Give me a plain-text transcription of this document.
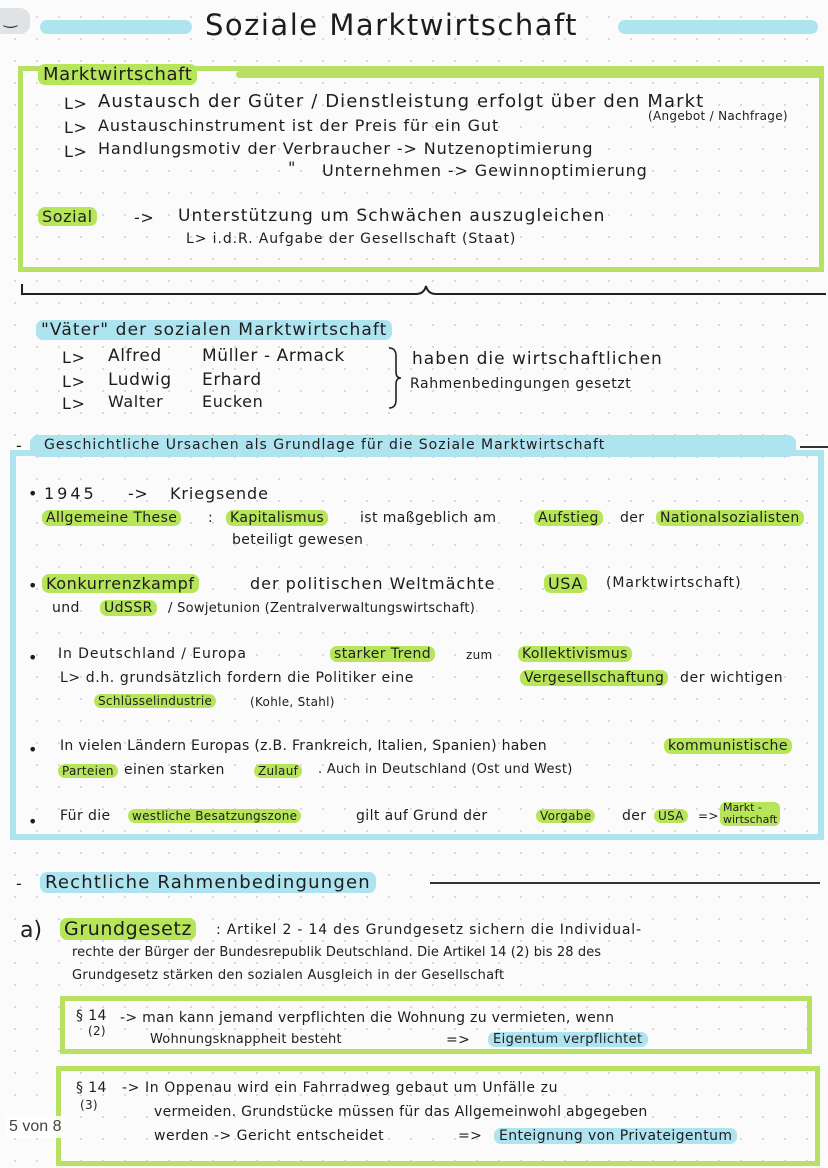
‿	Soziale Marktwirtschaft
Marktwirtschaft
L> Austausch der Güter / Dienstleistung erfolgt über den Markt
(Angebot / Nachfrage)
L> Austauschinstrument ist der Preis für ein Gut
L> Handlungsmotiv der Verbraucher -> Nutzenoptimierung
" Unternehmen -> Gewinnoptimierung
Sozial	-> Unterstützung um Schwächen auszugleichen
L> i.d.R. Aufgabe der Gesellschaft (Staat)
"Väter" der sozialen Marktwirtschaft
L> Alfred Müller - Armack
L> Ludwig Erhard
L> Walter Eucken
haben die wirtschaftlichen
Rahmenbedingungen gesetzt
- Geschichtliche Ursachen als Grundlage für die Soziale Marktwirtschaft
• 1945 -> Kriegsende
Allgemeine These : Kapitalismus	ist maßgeblich am	Aufstieg der Nationalsozialisten
beteiligt gewesen
• Konkurrenzkampf	der politischen Weltmächte	USA (Marktwirtschaft)
und UdSSR	/ Sowjetunion (Zentralverwaltungswirtschaft)
• In Deutschland / Europa	starker Trend	zum Kollektivismus
L> d.h. grundsätzlich fordern die Politiker eine	Vergesellschaftung der wichtigen
Schlüsselindustrie	(Kohle, Stahl)
• In vielen Ländern Europas (z.B. Frankreich, Italien, Spanien) haben	kommunistische
Parteien einen starken	Zulauf	. Auch in Deutschland (Ost und West)
• Für die	westliche Besatzungszone	gilt auf Grund der	Vorgabe der USA	=>
Markt -
wirtschaft
- Rechtliche Rahmenbedingungen
a) Grundgesetz : Artikel 2 - 14 des Grundgesetz sichern die Individual-
rechte der Bürger der Bundesrepublik Deutschland. Die Artikel 14 (2) bis 28 des
Grundgesetz stärken den sozialen Ausgleich in der Gesellschaft
§ 14
(2)
-> man kann jemand verpflichten die Wohnung zu vermieten, wenn
Wohnungsknappheit besteht	=>	Eigentum verpflichtet
§ 14
(3)
-> In Oppenau wird ein Fahrradweg gebaut um Unfälle zu
vermeiden. Grundstücke müssen für das Allgemeinwohl abgegeben
werden -> Gericht entscheidet	=>	Enteignung von Privateigentum
5 von 8
